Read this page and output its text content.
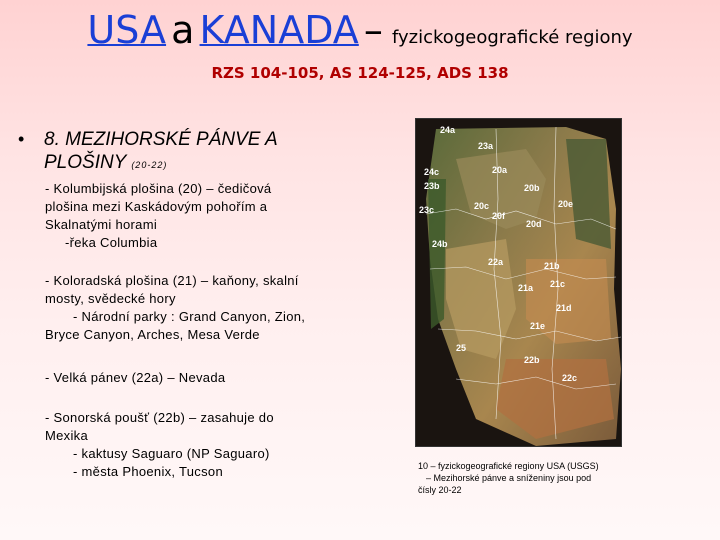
USA a KANADA – fyzickogeografické regiony
RZS 104-105, AS 124-125, ADS 138
• 8. MEZIHORSKÉ PÁNVE A
PLOŠINY (20-22)
- Kolumbijská plošina (20) – čedičová
plošina mezi Kaskádovým pohořím a
Skalnatými horami
-řeka Columbia
- Koloradská plošina (21) – kaňony, skalní
mosty, svědecké hory
- Národní parky : Grand Canyon, Zion,
Bryce Canyon, Arches, Mesa Verde
- Velká pánev (22a) – Nevada
- Sonorská poušť (22b) – zasahuje do
Mexika
- kaktusy Saguaro (NP Saguaro)
- města Phoenix, Tucson
24a
23a
24c
23b
20a
20b
20d
20c
23c
20f
20e
24b
22a
21a
21b
21c
21d
21e
25
22b
22c
10 – fyzickogeografické regiony USA (USGS)
– Mezihorské pánve a sníženiny jsou pod
čísly 20-22
